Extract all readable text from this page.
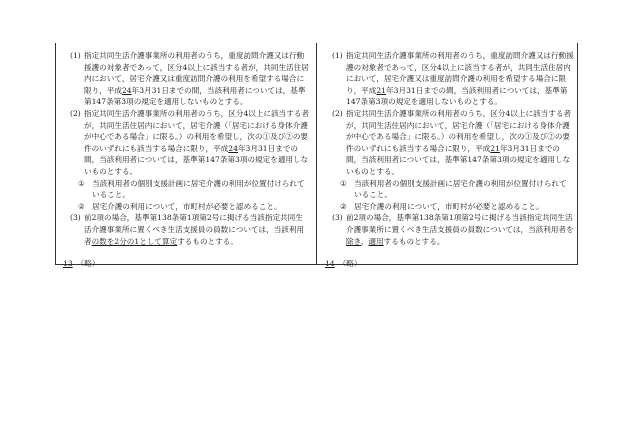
(1) 指定共同生活介護事業所の利用者のうち，重度訪問介護又は行動援護の対象者であって，区分4以上に該当する者が，共同生活住居内において，居宅介護又は重度訪問介護の利用を希望する場合に限り，平成24年3月31日までの間，当該利用者については，基準第147条第3項の規定を適用しないものとする。

(2) 指定共同生活介護事業所の利用者のうち，区分4以上に該当する者が，共同生活住居内において，居宅介護（「居宅における身体介護が中心である場合」に限る。）の利用を希望し，次の①及び②の要件のいずれにも該当する場合に限り，平成24年3月31日までの間，当該利用者については，基準第147条第3項の規定を適用しないものとする。

① 当該利用者の個別支援計画に居宅介護の利用が位置付けられていること。

② 居宅介護の利用について，市町村が必要と認めること。

(3) 前2項の場合，基準第138条第1項第2号に掲げる当該指定共同生活介護事業所に置くべき生活支援員の員数については，当該利用者の数を2分の1として算定するものとする。

13 （略）

(1) 指定共同生活介護事業所の利用者のうち，重度訪問介護又は行動援護の対象者であって，区分4以上に該当する者が，共同生活住居内において，居宅介護又は重度訪問介護の利用を希望する場合に限り，平成21年3月31日までの間，当該利用者については，基準第147条第3項の規定を適用しないものとする。

(2) 指定共同生活介護事業所の利用者のうち，区分4以上に該当する者が，共同生活住居内において，居宅介護（「居宅における身体介護が中心である場合」に限る。）の利用を希望し，次の①及び②の要件のいずれにも該当する場合に限り，平成21年3月31日までの間，当該利用者については，基準第147条第3項の規定を適用しないものとする。

① 当該利用者の個別支援計画に居宅介護の利用が位置付けられていること。

② 居宅介護の利用について，市町村が必要と認めること。

(3) 前2項の場合，基準第138条第1項第2号に掲げる当該指定共同生活介護事業所に置くべき生活支援員の員数については，当該利用者を除き，適用するものとする。

14 （略）
